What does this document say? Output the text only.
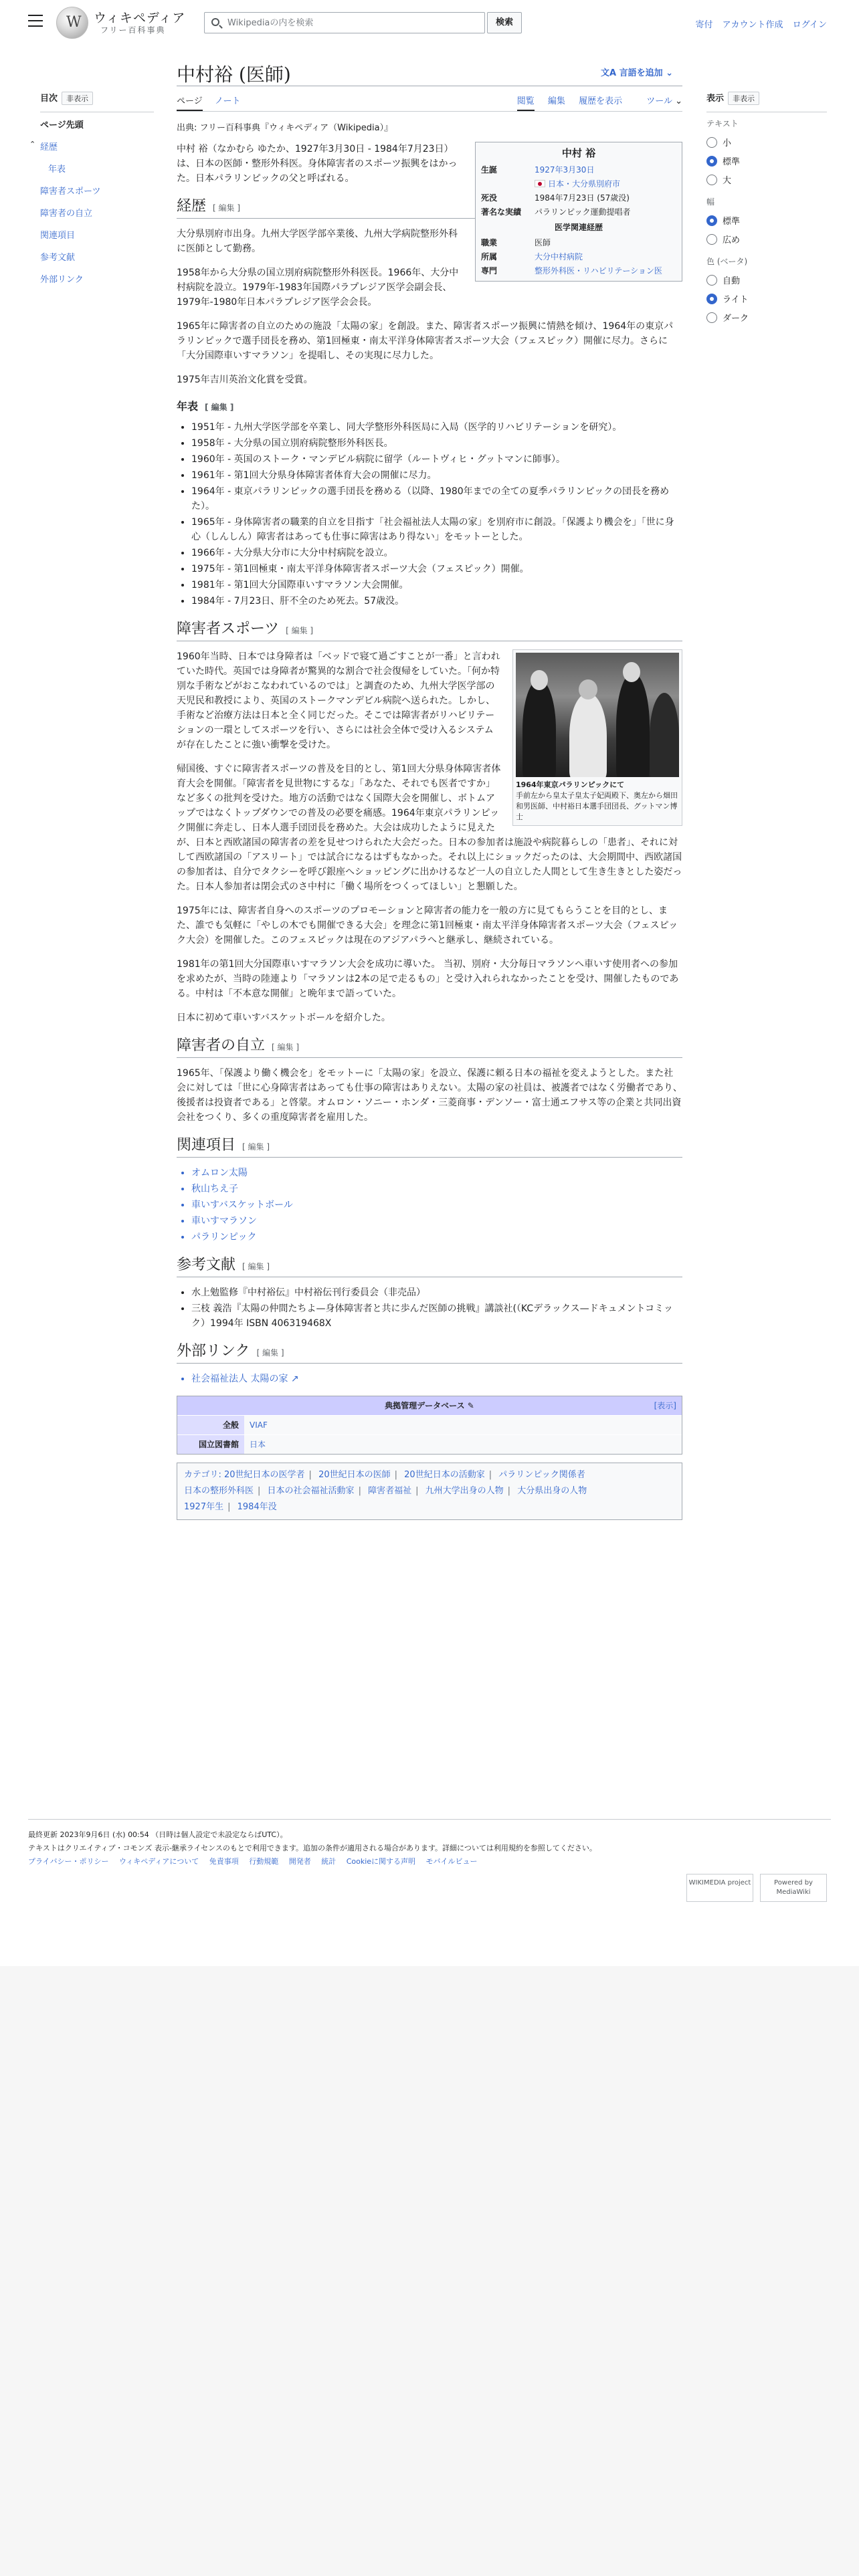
W ウィキペディア
フリー百科事典
Wikipediaの内を検索
検索	寄付 アカウント作成 ログイン
目次 非表示
ページ先頭
⌃ 経歴
年表
障害者スポーツ
障害者の自立
関連項目
参考文献
外部リンク
中村裕 (医師)	文A 言語を追加 ⌄
ページ ノート	閲覧 編集 履歴を表示	ツール ⌄
出典: フリー百科事典『ウィキペディア（Wikipedia）』
中村 裕
生誕	1927年3月30日
	日本・大分県別府市
死没	1984年7月23日 (57歳没)
著名な実績	パラリンピック運動提唱者
医学関連経歴	
職業	医師
所属	大分中村病院
専門	整形外科医・リハビリテーション医

中村 裕（なかむら ゆたか、1927年3月30日 - 1984年7月23日）は、日本の医師・整形外科医。身体障害者のスポーツ振興をはかった。日本パラリンピックの父と呼ばれる。

経歴 [ 編集 ]

大分県別府市出身。九州大学医学部卒業後、九州大学病院整形外科に医師として勤務。

1958年から大分県の国立別府病院整形外科医長。1966年、大分中村病院を設立。1979年-1983年国際パラプレジア医学会副会長、1979年-1980年日本パラプレジア医学会会長。

1965年に障害者の自立のための施設「太陽の家」を創設。また、障害者スポーツ振興に情熱を傾け、1964年の東京パラリンピックで選手団長を務め、第1回極東・南太平洋身体障害者スポーツ大会（フェスピック）開催に尽力。さらに「大分国際車いすマラソン」を提唱し、その実現に尽力した。

1975年吉川英治文化賞を受賞。

年表 [ 編集 ]
• 1951年 - 九州大学医学部を卒業し、同大学整形外科医局に入局（医学的リハビリテーションを研究）。
• 1958年 - 大分県の国立別府病院整形外科医長。
• 1960年 - 英国のストーク・マンデビル病院に留学（ルートヴィヒ・グットマンに師事）。
• 1961年 - 第1回大分県身体障害者体育大会の開催に尽力。
• 1964年 - 東京パラリンピックの選手団長を務める（以降、1980年までの全ての夏季パラリンピックの団長を務めた）。
• 1965年 - 身体障害者の職業的自立を目指す「社会福祉法人太陽の家」を別府市に創設。「保護より機会を」「世に身心（しんしん）障害者はあっても仕事に障害はあり得ない」をモットーとした。
• 1966年 - 大分県大分市に大分中村病院を設立。
• 1975年 - 第1回極東・南太平洋身体障害者スポーツ大会（フェスピック）開催。
• 1981年 - 第1回大分国際車いすマラソン大会開催。
• 1984年 - 7月23日、肝不全のため死去。57歳没。
障害者スポーツ [ 編集 ]
1964年東京パラリンピックにて
手前左から皇太子皇太子妃両殿下、奥左から畑田和男医師、中村裕日本選手団団長、グットマン博士

1960年当時、日本では身障者は「ベッドで寝て過ごすことが一番」と言われていた時代。英国では身障者が驚異的な割合で社会復帰をしていた。「何か特別な手術などがおこなわれているのでは」と調査のため、九州大学医学部の天児民和教授により、英国のストークマンデビル病院へ送られた。しかし、手術など治療方法は日本と全く同じだった。そこでは障害者がリハビリテーションの一環としてスポーツを行い、さらには社会全体で受け入るシステムが存在したことに強い衝撃を受けた。

帰国後、すぐに障害者スポーツの普及を目的とし、第1回大分県身体障害者体育大会を開催。「障害者を見世物にするな」「あなた、それでも医者ですか」など多くの批判を受けた。地方の活動ではなく国際大会を開催し、ボトムアップではなくトップダウンでの普及の必要を痛感。1964年東京パラリンピック開催に奔走し、日本人選手団団長を務めた。大会は成功したように見えたが、日本と西欧諸国の障害者の差を見せつけられた大会だった。日本の参加者は施設や病院暮らしの「患者」、それに対して西欧諸国の「アスリート」では試合になるはずもなかった。それ以上にショックだったのは、大会期間中、西欧諸国の参加者は、自分でタクシーを呼び銀座へショッピングに出かけるなど一人の自立した人間として生き生きとした姿だった。日本人参加者は閉会式のさ中村に「働く場所をつくってほしい」と懇願した。

1975年には、障害者自身へのスポーツのプロモーションと障害者の能力を一般の方に見てもらうことを目的とし、また、誰でも気軽に「やしの木でも開催できる大会」を理念に第1回極東・南太平洋身体障害者スポーツ大会（フェスピック大会）を開催した。このフェスピックは現在のアジアパラへと継承し、継続されている。

1981年の第1回大分国際車いすマラソン大会を成功に導いた。 当初、別府・大分毎日マラソンへ車いす使用者への参加を求めたが、当時の陸連より「マラソンは2本の足で走るもの」と受け入れられなかったことを受け、開催したものである。中村は「不本意な開催」と晩年まで語っていた。

日本に初めて車いすバスケットボールを紹介した。

障害者の自立 [ 編集 ]

1965年、「保護より働く機会を」をモットーに「太陽の家」を設立、保護に頼る日本の福祉を変えようとした。また社会に対しては「世に心身障害者はあっても仕事の障害はありえない。太陽の家の社員は、被護者ではなく労働者であり、後援者は投資者である」と啓蒙。オムロン・ソニー・ホンダ・三菱商事・デンソー・富士通エフサス等の企業と共同出資会社をつくり、多くの重度障害者を雇用した。

関連項目 [ 編集 ]
• オムロン太陽
• 秋山ちえ子
• 車いすバスケットボール
• 車いすマラソン
• パラリンピック
参考文献 [ 編集 ]
• 水上勉監修『中村裕伝』中村裕伝刊行委員会（非売品）
• 三枝 義浩『太陽の仲間たちよ—身体障害者と共に歩んだ医師の挑戦』講談社(（KCデラックス—ドキュメントコミック）1994年 ISBN 406319468X
外部リンク [ 編集 ]
• 社会福祉法人 太陽の家 ↗
典拠管理データベース ✎	[表示]
全般	VIAF
国立図書館	日本
カテゴリ: 20世紀日本の医学者 | 20世紀日本の医師 | 20世紀日本の活動家 | パラリンピック関係者
日本の整形外科医 | 日本の社会福祉活動家 | 障害者福祉 | 九州大学出身の人物 | 大分県出身の人物
1927年生 | 1984年没
表示 非表示
テキスト
小
標準
大
幅
標準
広め
色 (ベータ)
自動
ライト
ダーク
最終更新 2023年9月6日 (水) 00:54 （日時は個人設定で未設定ならばUTC）。
テキストはクリエイティブ・コモンズ 表示-継承ライセンスのもとで利用できます。追加の条件が適用される場合があります。詳細については利用規約を参照してください。
プライバシー・ポリシー ウィキペディアについて 免責事項 行動規範 開発者 統計 Cookieに関する声明 モバイルビュー
WIKIMEDIA project	Powered by MediaWiki
